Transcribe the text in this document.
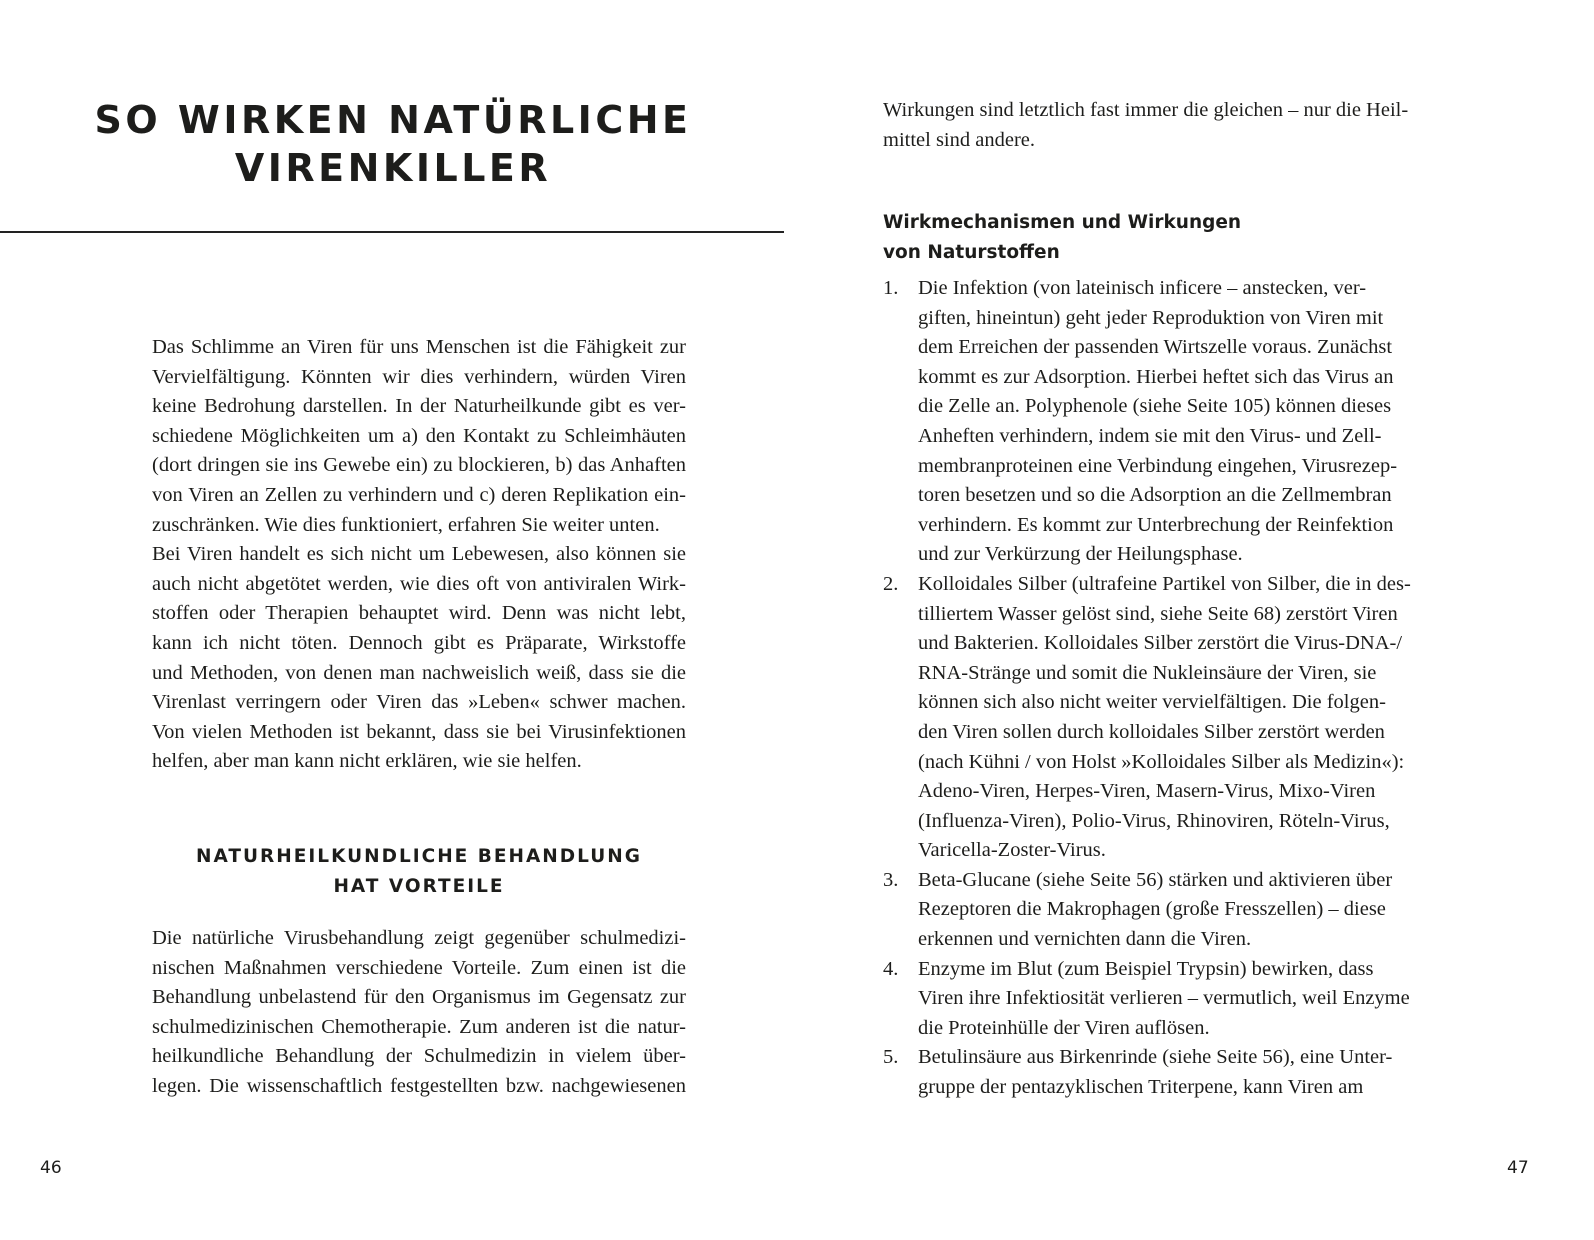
SO WIRKEN NATÜRLICHE
VIRENKILLER
Das Schlimme an Viren für uns Menschen ist die Fähigkeit zur
Vervielfältigung. Könnten wir dies verhindern, würden Viren
keine Bedrohung darstellen. In der Naturheilkunde gibt es ver-
schiedene Möglichkeiten um a) den Kontakt zu Schleimhäuten
(dort dringen sie ins Gewebe ein) zu blockieren, b) das Anhaften
von Viren an Zellen zu verhindern und c) deren Replikation ein-
zuschränken. Wie dies funktioniert, erfahren Sie weiter unten.
Bei Viren handelt es sich nicht um Lebewesen, also können sie
auch nicht abgetötet werden, wie dies oft von antiviralen Wirk-
stoffen oder Therapien behauptet wird. Denn was nicht lebt,
kann ich nicht töten. Dennoch gibt es Präparate, Wirkstoffe
und Methoden, von denen man nachweislich weiß, dass sie die
Virenlast verringern oder Viren das »Leben« schwer machen.
Von vielen Methoden ist bekannt, dass sie bei Virusinfektionen
helfen, aber man kann nicht erklären, wie sie helfen.
NATURHEILKUNDLICHE BEHANDLUNG
HAT VORTEILE
Die natürliche Virusbehandlung zeigt gegenüber schulmedizi-
nischen Maßnahmen verschiedene Vorteile. Zum einen ist die
Behandlung unbelastend für den Organismus im Gegensatz zur
schulmedizinischen Chemotherapie. Zum anderen ist die natur-
heilkundliche Behandlung der Schulmedizin in vielem über-
legen. Die wissenschaftlich festgestellten bzw. nachgewiesenen
46
Wirkungen sind letztlich fast immer die gleichen – nur die Heil-
mittel sind andere.
Wirkmechanismen und Wirkungen
von Naturstoffen
1. Die Infektion (von lateinisch inficere – anstecken, ver-
giften, hineintun) geht jeder Reproduktion von Viren mit
dem Erreichen der passenden Wirtszelle voraus. Zunächst
kommt es zur Adsorption. Hierbei heftet sich das Virus an
die Zelle an. Polyphenole (siehe Seite 105) können dieses
Anheften verhindern, indem sie mit den Virus- und Zell-
membranproteinen eine Verbindung eingehen, Virusrezep-
toren besetzen und so die Adsorption an die Zellmembran
verhindern. Es kommt zur Unterbrechung der Reinfektion
und zur Verkürzung der Heilungsphase.
2. Kolloidales Silber (ultrafeine Partikel von Silber, die in des-
tilliertem Wasser gelöst sind, siehe Seite 68) zerstört Viren
und Bakterien. Kolloidales Silber zerstört die Virus-DNA-/
RNA-Stränge und somit die Nukleinsäure der Viren, sie
können sich also nicht weiter vervielfältigen. Die folgen-
den Viren sollen durch kolloidales Silber zerstört werden
(nach Kühni / von Holst »Kolloidales Silber als Medizin«):
Adeno-Viren, Herpes-Viren, Masern-Virus, Mixo-Viren
(Influenza-Viren), Polio-Virus, Rhinoviren, Röteln-Virus,
Varicella-Zoster-Virus.
3. Beta-Glucane (siehe Seite 56) stärken und aktivieren über
Rezeptoren die Makrophagen (große Fresszellen) – diese
erkennen und vernichten dann die Viren.
4. Enzyme im Blut (zum Beispiel Trypsin) bewirken, dass
Viren ihre Infektiosität verlieren – vermutlich, weil Enzyme
die Proteinhülle der Viren auflösen.
5. Betulinsäure aus Birkenrinde (siehe Seite 56), eine Unter-
gruppe der pentazyklischen Triterpene, kann Viren am
47
